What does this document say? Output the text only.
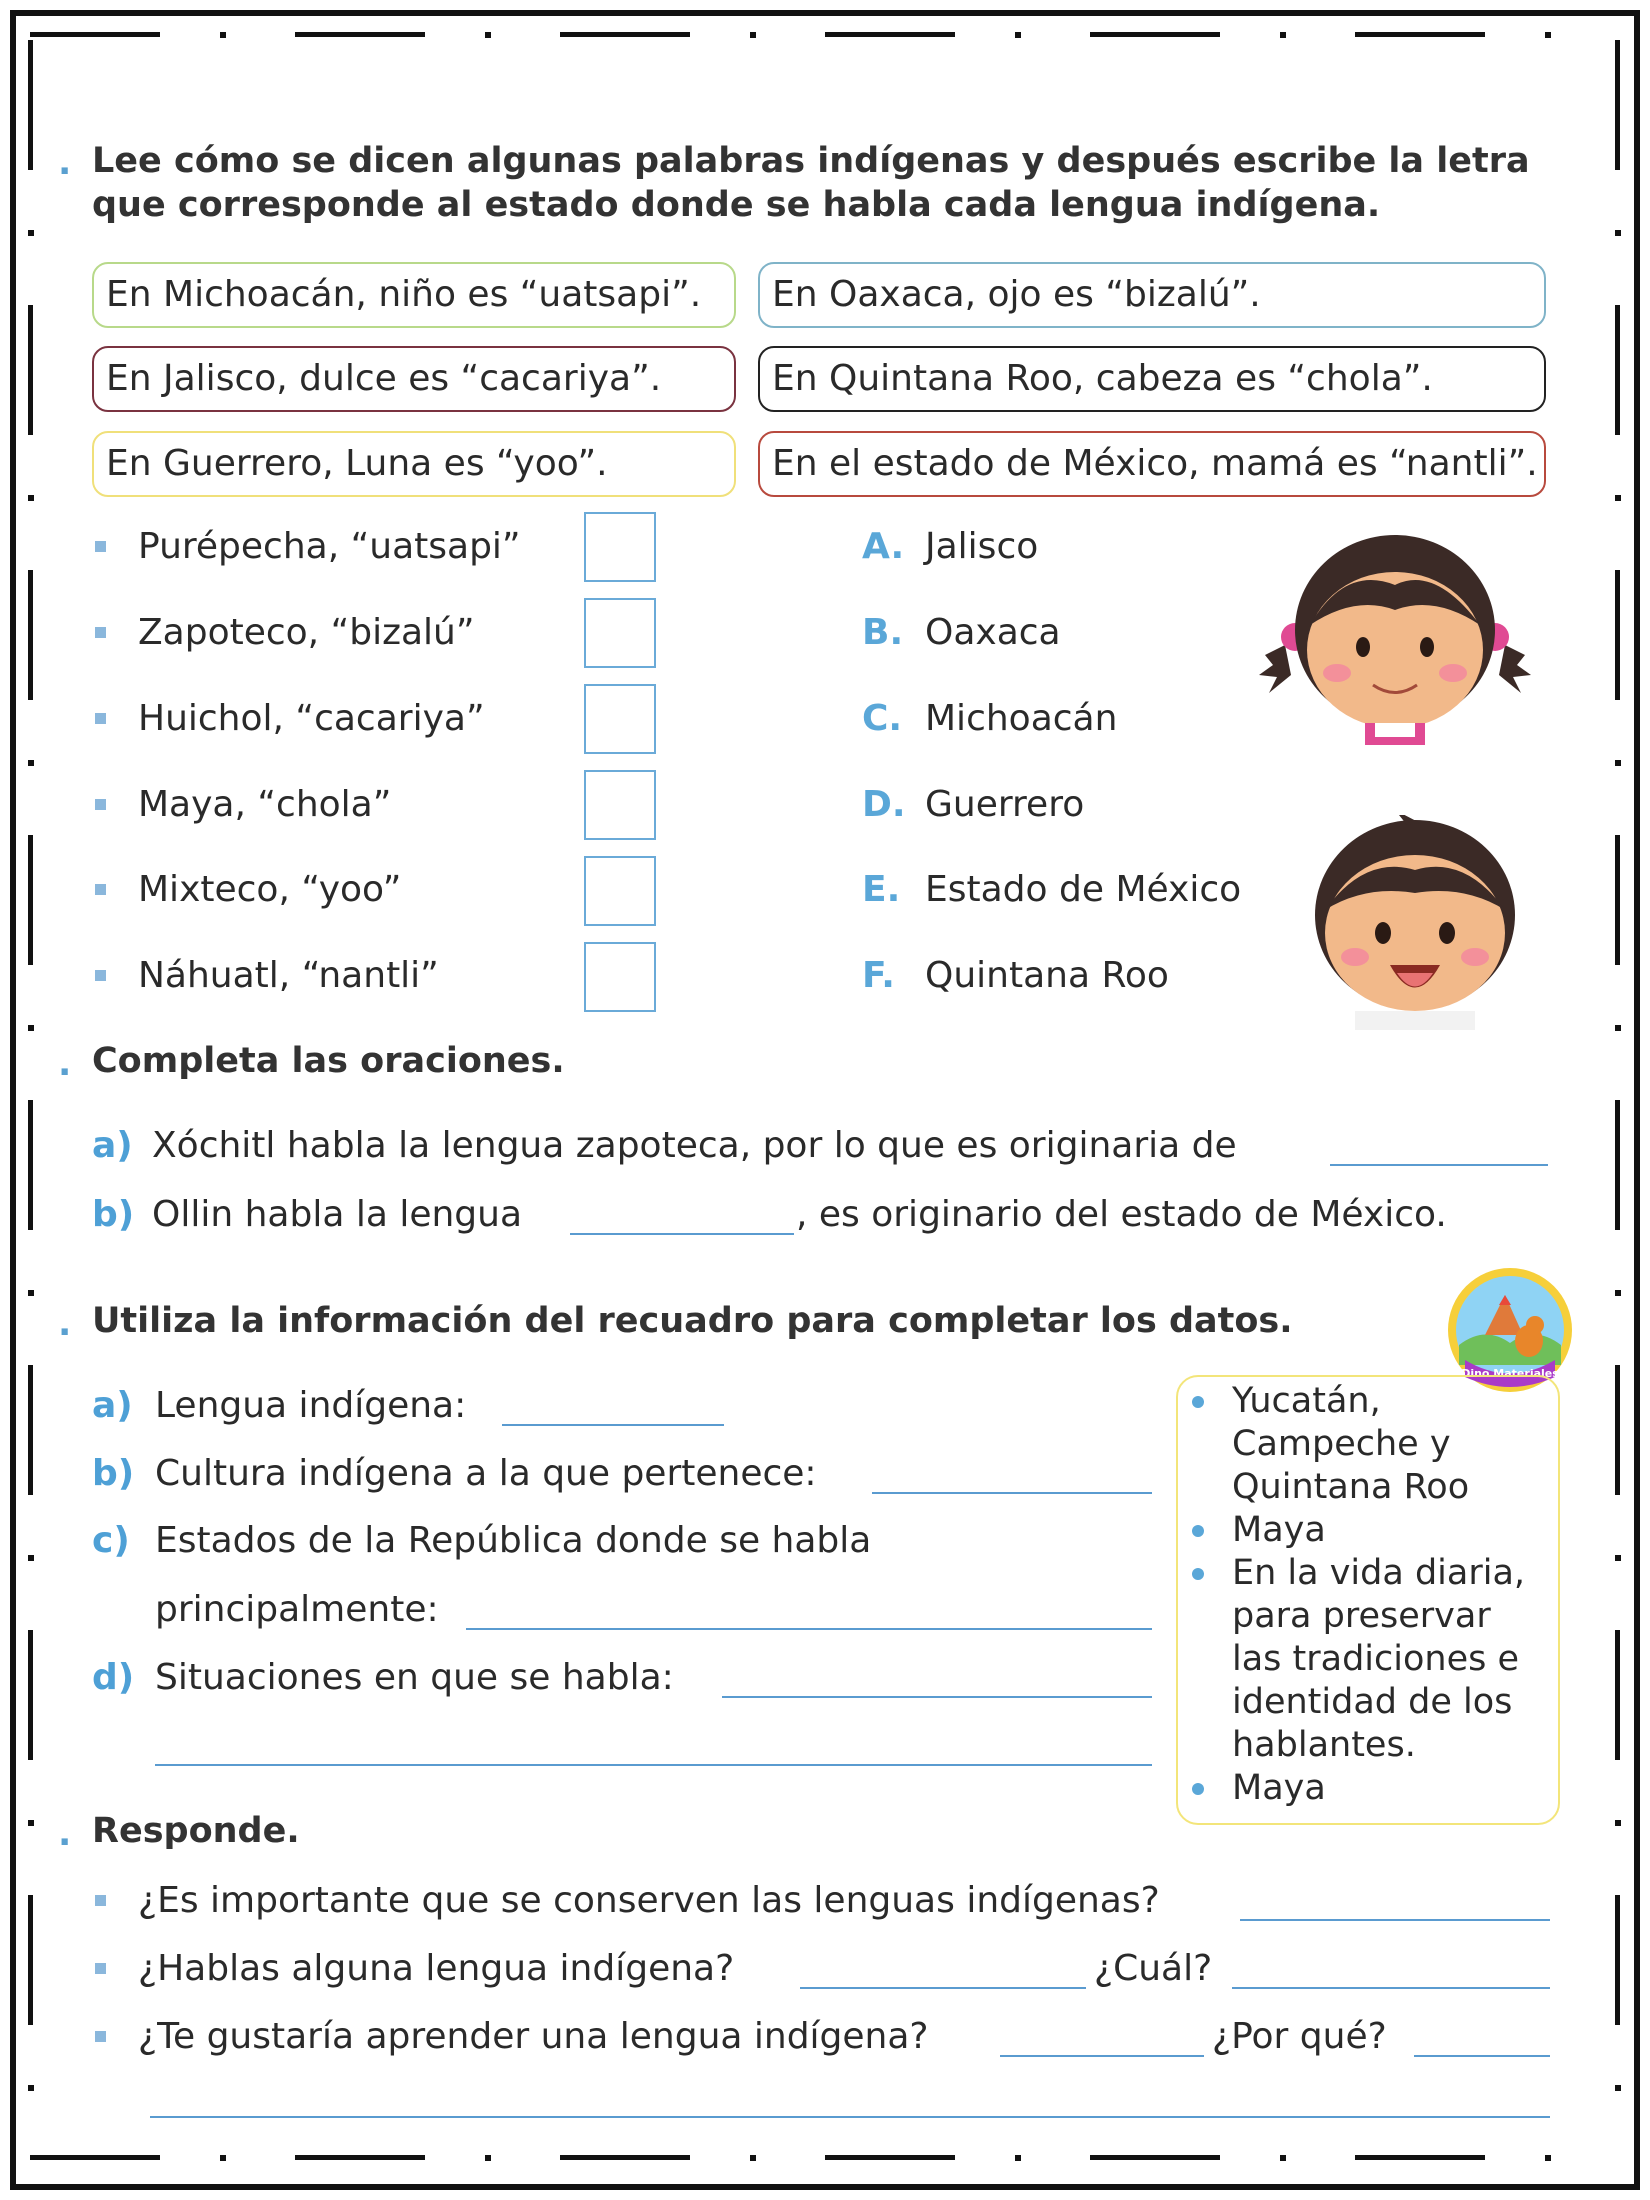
. Lee cómo se dicen algunas palabras indígenas y después escribe la letra
que corresponde al estado donde se habla cada lengua indígena.
En Michoacán, niño es “uatsapi”.	En Oaxaca, ojo es “bizalú”.
En Jalisco, dulce es “cacariya”.	En Quintana Roo, cabeza es “chola”.
En Guerrero, Luna es “yoo”.	En el estado de México, mamá es “nantli”.
Purépecha, “uatsapi”
Zapoteco, “bizalú”
Huichol, “cacariya”
Maya, “chola”
Mixteco, “yoo”
Náhuatl, “nantli”
A. Jalisco
B. Oaxaca
C. Michoacán
D. Guerrero
E. Estado de México
F. Quintana Roo
. Completa las oraciones.
a) Xóchitl habla la lengua zapoteca, por lo que es originaria de
b) Ollin habla la lengua	, es originario del estado de México.
. Utiliza la información del recuadro para completar los datos.
Dino Materiales
a) Lengua indígena:
b) Cultura indígena a la que pertenece:
c) Estados de la República donde se habla
principalmente:
d) Situaciones en que se habla:
Yucatán,
Campeche y
Quintana Roo
Maya
En la vida diaria,
para preservar
las tradiciones e
identidad de los
hablantes.
Maya
. Responde.
¿Es importante que se conserven las lenguas indígenas?
¿Hablas alguna lengua indígena?	¿Cuál?
¿Te gustaría aprender una lengua indígena?	¿Por qué?
